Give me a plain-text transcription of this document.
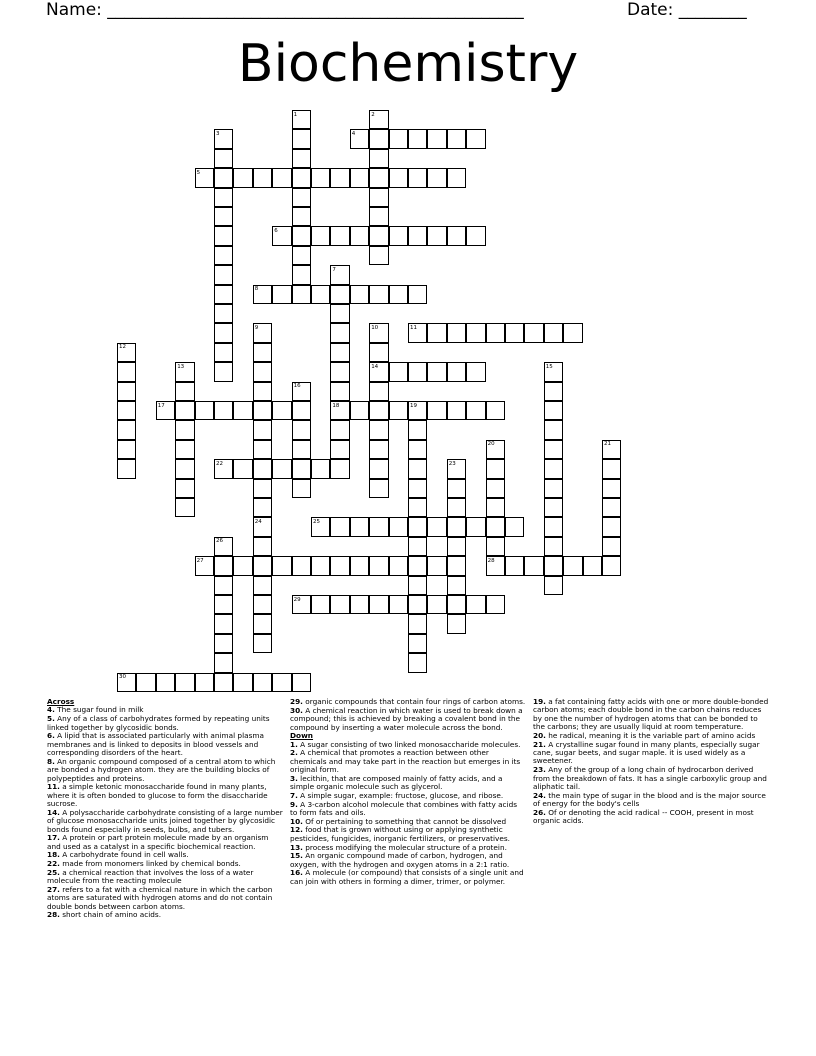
Name: _________________________________________________	Date: ________
Biochemistry
1	2
3	4
5
6
7
8
9	10	11
12
13	14	15
16
17	18	19
20	21
22	23
24	25
26
27	28
29
30
Across
4. The sugar found in milk
5. Any of a class of carbohydrates formed by repeating units linked together by glycosidic bonds.
6. A lipid that is associated particularly with animal plasma membranes and is linked to deposits in blood vessels and corresponding disorders of the heart.
8. An organic compound composed of a central atom to which are bonded a hydrogen atom. they are the building blocks of polypeptides and proteins.
11. a simple ketonic monosaccharide found in many plants, where it is often bonded to glucose to form the disaccharide sucrose.
14. A polysaccharide carbohydrate consisting of a large number of glucose monosaccharide units joined together by glycosidic bonds found especially in seeds, bulbs, and tubers.
17. A protein or part protein molecule made by an organism and used as a catalyst in a specific biochemical reaction.
18. A carbohydrate found in cell walls.
22. made from monomers linked by chemical bonds.
25. a chemical reaction that involves the loss of a water molecule from the reacting molecule
27. refers to a fat with a chemical nature in which the carbon atoms are saturated with hydrogen atoms and do not contain double bonds between carbon atoms.
28. short chain of amino acids.
29. organic compounds that contain four rings of carbon atoms.
30. A chemical reaction in which water is used to break down a compound; this is achieved by breaking a covalent bond in the compound by inserting a water molecule across the bond.
Down
1. A sugar consisting of two linked monosaccharide molecules.
2. A chemical that promotes a reaction between other chemicals and may take part in the reaction but emerges in its original form.
3. lecithin, that are composed mainly of fatty acids, and a simple organic molecule such as glycerol.
7. A simple sugar, example: fructose, glucose, and ribose.
9. A 3-carbon alcohol molecule that combines with fatty acids to form fats and oils.
10. Of or pertaining to something that cannot be dissolved
12. food that is grown without using or applying synthetic pesticides, fungicides, inorganic fertilizers, or preservatives.
13. process modifying the molecular structure of a protein.
15. An organic compound made of carbon, hydrogen, and oxygen, with the hydrogen and oxygen atoms in a 2:1 ratio.
16. A molecule (or compound) that consists of a single unit and can join with others in forming a dimer, trimer, or polymer.
19. a fat containing fatty acids with one or more double-bonded carbon atoms; each double bond in the carbon chains reduces by one the number of hydrogen atoms that can be bonded to the carbons; they are usually liquid at room temperature.
20. he radical, meaning it is the variable part of amino acids
21. A crystalline sugar found in many plants, especially sugar cane, sugar beets, and sugar maple. it is used widely as a sweetener.
23. Any of the group of a long chain of hydrocarbon derived from the breakdown of fats. It has a single carboxylic group and aliphatic tail.
24. the main type of sugar in the blood and is the major source of energy for the body's cells
26. Of or denoting the acid radical -- COOH, present in most organic acids.
